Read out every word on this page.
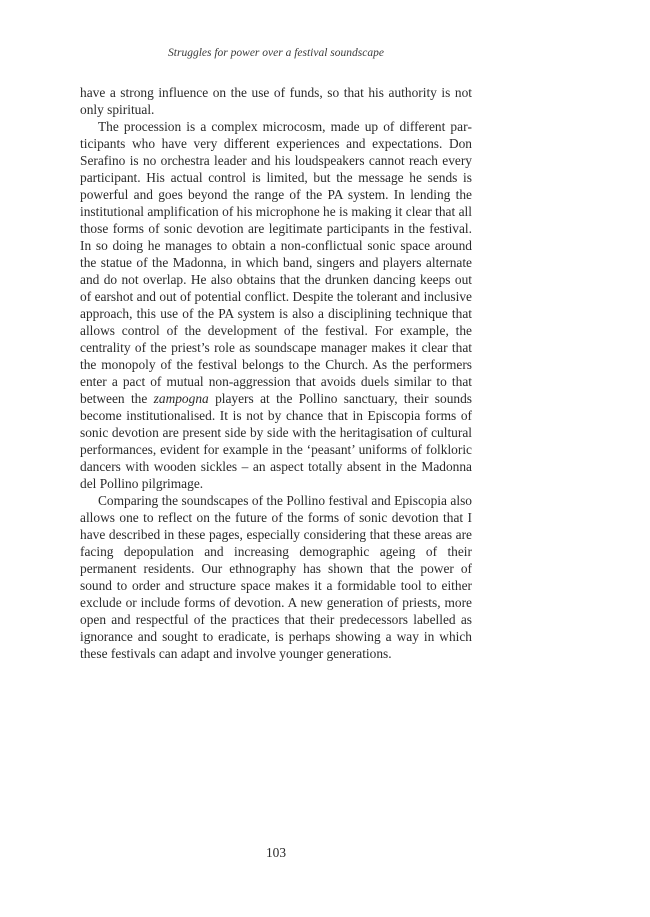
Struggles for power over a festival soundscape

have a strong influence on the use of funds, so that his authority is not only spiritual.

The procession is a complex microcosm, made up of different participants who have very different experiences and expectations. Don Serafino is no orchestra leader and his loudspeakers cannot reach every participant. His actual control is limited, but the message he sends is powerful and goes beyond the range of the PA system. In lending the institutional amplification of his microphone he is making it clear that all those forms of sonic devotion are legitimate participants in the festival. In so doing he manages to obtain a non-conflictual sonic space around the statue of the Madonna, in which band, singers and players alternate and do not overlap. He also obtains that the drunken dancing keeps out of earshot and out of potential conflict. Despite the tolerant and inclusive approach, this use of the PA system is also a disciplining technique that allows control of the development of the festival. For example, the centrality of the priest’s role as soundscape manager makes it clear that the monopoly of the festival belongs to the Church. As the performers enter a pact of mutual non-aggression that avoids duels similar to that between the zampogna players at the Pollino sanctuary, their sounds become institutionalised. It is not by chance that in Episcopia forms of sonic devotion are present side by side with the heritagisation of cultural performances, evident for example in the ‘peasant’ uniforms of folkloric dancers with wooden sickles – an aspect totally absent in the Madonna del Pollino pilgrimage.

Comparing the soundscapes of the Pollino festival and Episcopia also allows one to reflect on the future of the forms of sonic devotion that I have described in these pages, especially considering that these areas are facing depopulation and increasing demographic ageing of their permanent residents. Our ethnography has shown that the power of sound to order and structure space makes it a formidable tool to either exclude or include forms of devotion. A new generation of priests, more open and respectful of the practices that their predecessors labelled as ignorance and sought to eradicate, is perhaps showing a way in which these festivals can adapt and involve younger generations.

103
